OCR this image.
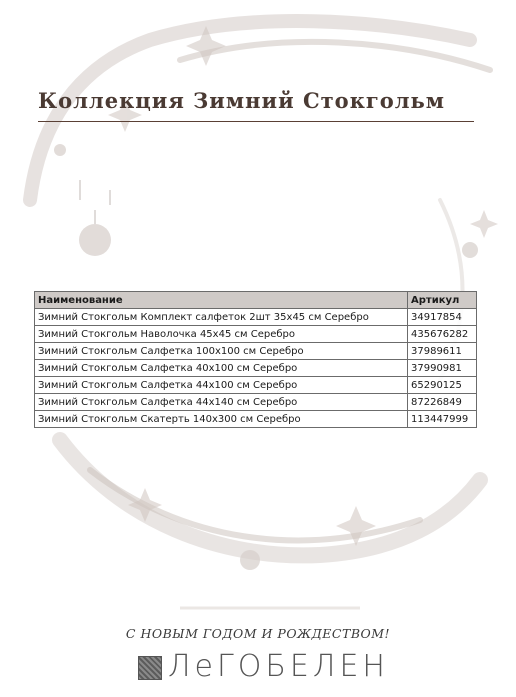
Коллекция Зимний Стокгольм
Наименование	Артикул
Зимний Стокгольм Комплект салфеток 2шт 35х45 см Серебро	34917854
Зимний Стокгольм Наволочка 45х45 см Серебро	435676282
Зимний Стокгольм Салфетка 100х100 см Серебро	37989611
Зимний Стокгольм Салфетка 40х100 см Серебро	37990981
Зимний Стокгольм Салфетка 44х100 см Серебро	65290125
Зимний Стокгольм Салфетка 44х140 см Серебро	87226849
Зимний Стокгольм Скатерть 140х300 см Серебро	113447999
С НОВЫМ ГОДОМ И РОЖДЕСТВОМ!
ЛеГОБЕЛЕН
